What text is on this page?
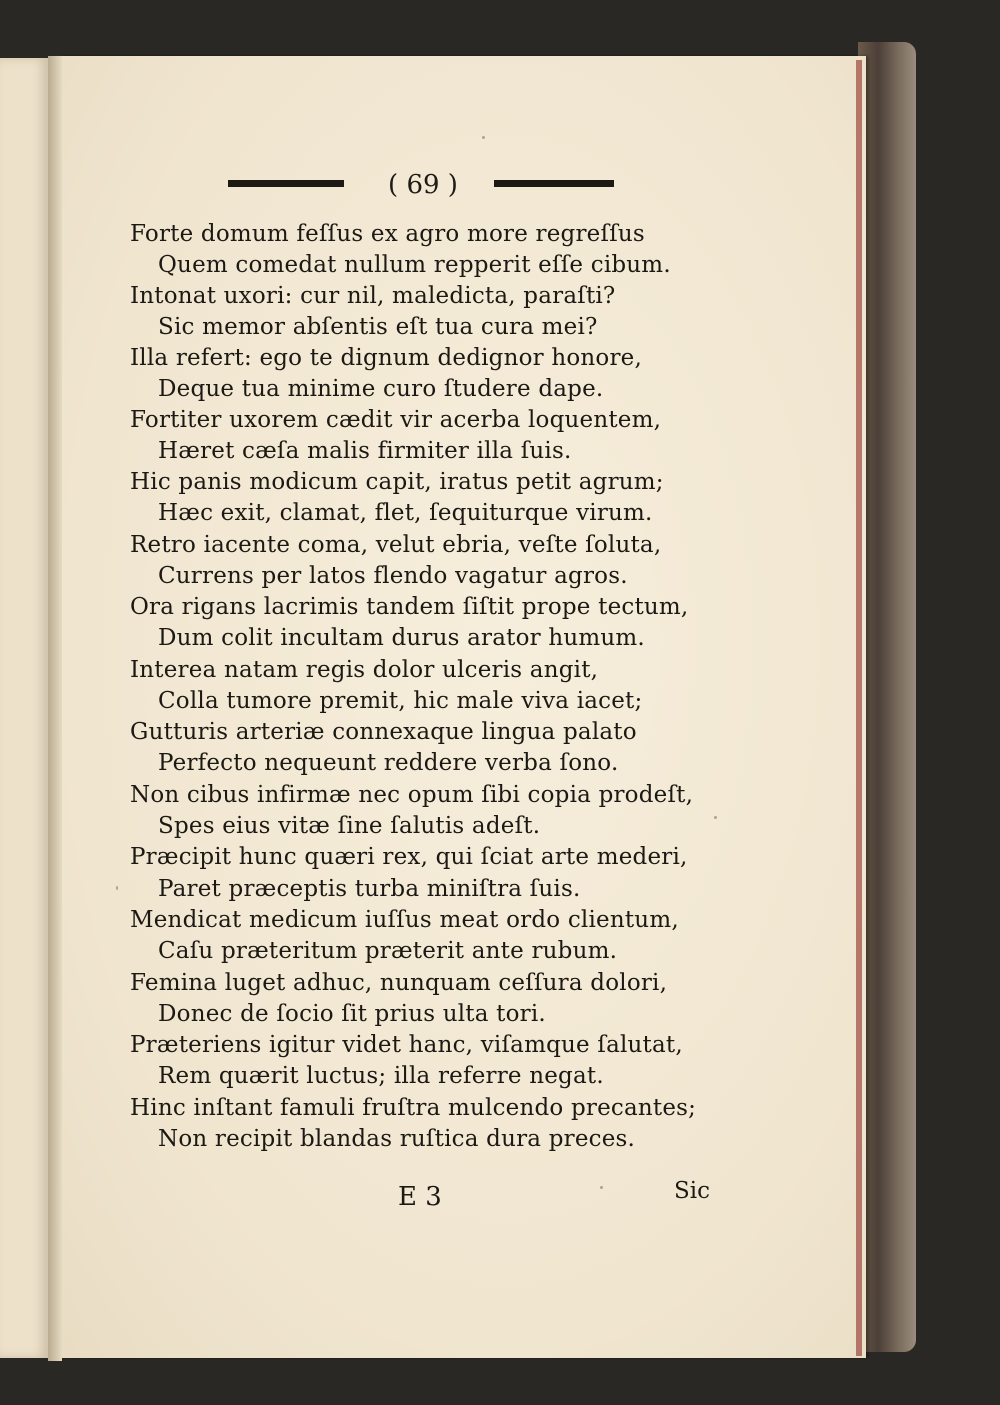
( 69 )
Forte domum feſſus ex agro more regreſſus
Quem comedat nullum repperit eſſe cibum.
Intonat uxori: cur nil, maledicta, paraſti?
Sic memor abſentis eſt tua cura mei?
Illa refert: ego te dignum dedignor honore,
Deque tua minime curo ſtudere dape.
Fortiter uxorem cædit vir acerba loquentem,
Hæret cæſa malis firmiter illa ſuis.
Hic panis modicum capit, iratus petit agrum;
Hæc exit, clamat, flet, ſequiturque virum.
Retro iacente coma, velut ebria, veſte ſoluta,
Currens per latos flendo vagatur agros.
Ora rigans lacrimis tandem ſiſtit prope tectum,
Dum colit incultam durus arator humum.
Interea natam regis dolor ulceris angit,
Colla tumore premit, hic male viva iacet;
Gutturis arteriæ connexaque lingua palato
Perfecto nequeunt reddere verba ſono.
Non cibus infirmæ nec opum ſibi copia prodeſt,
Spes eius vitæ ſine ſalutis adeſt.
Præcipit hunc quæri rex, qui ſciat arte mederi,
Paret præceptis turba miniſtra ſuis.
Mendicat medicum iuſſus meat ordo clientum,
Caſu præteritum præterit ante rubum.
Femina luget adhuc, nunquam ceſſura dolori,
Donec de ſocio ſit prius ulta tori.
Præteriens igitur videt hanc, viſamque ſalutat,
Rem quærit luctus; illa referre negat.
Hinc inſtant famuli fruſtra mulcendo precantes;
Non recipit blandas ruſtica dura preces.
E 3	Sic
